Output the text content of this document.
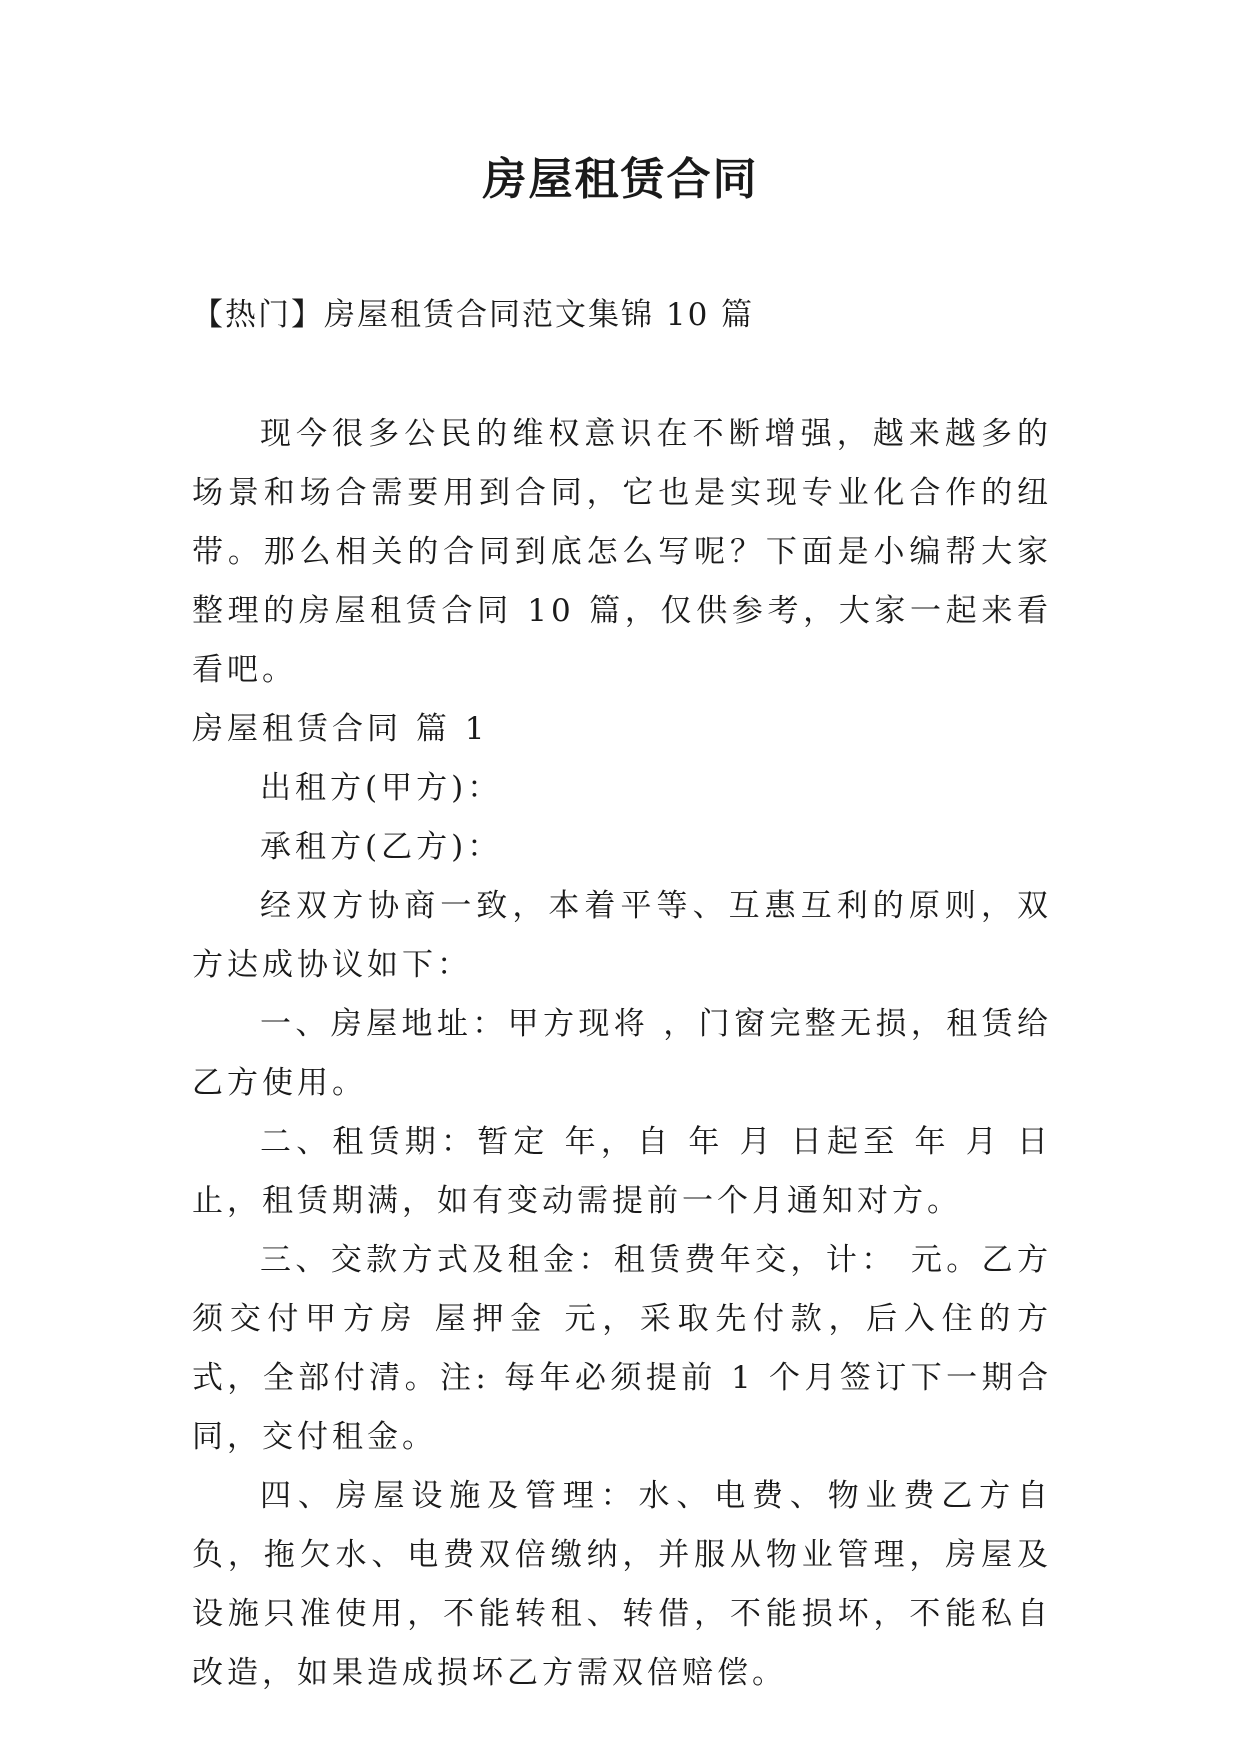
房屋租赁合同
【热门】房屋租赁合同范文集锦 10 篇

现今很多公民的维权意识在不断增强，越来越多的场景和场合需要用到合同，它也是实现专业化合作的纽带。那么相关的合同到底怎么写呢？下面是小编帮大家整理的房屋租赁合同 10 篇，仅供参考，大家一起来看看吧。

房屋租赁合同 篇 1

出租方(甲方)：

承租方(乙方)：

经双方协商一致，本着平等、互惠互利的原则，双方达成协议如下：

一、房屋地址：甲方现将 ，门窗完整无损，租赁给乙方使用。

二、租赁期：暂定 年，自 年 月 日起至 年 月 日止，租赁期满，如有变动需提前一个月通知对方。

三、交款方式及租金：租赁费年交，计： 元。乙方须交付甲方房 屋押金 元，采取先付款，后入住的方式，全部付清。注: 每年必须提前 1 个月签订下一期合同，交付租金。

四、房屋设施及管理：水、电费、物业费乙方自负，拖欠水、电费双倍缴纳，并服从物业管理，房屋及设施只准使用，不能转租、转借，不能损坏，不能私自改造，如果造成损坏乙方需双倍赔偿。
